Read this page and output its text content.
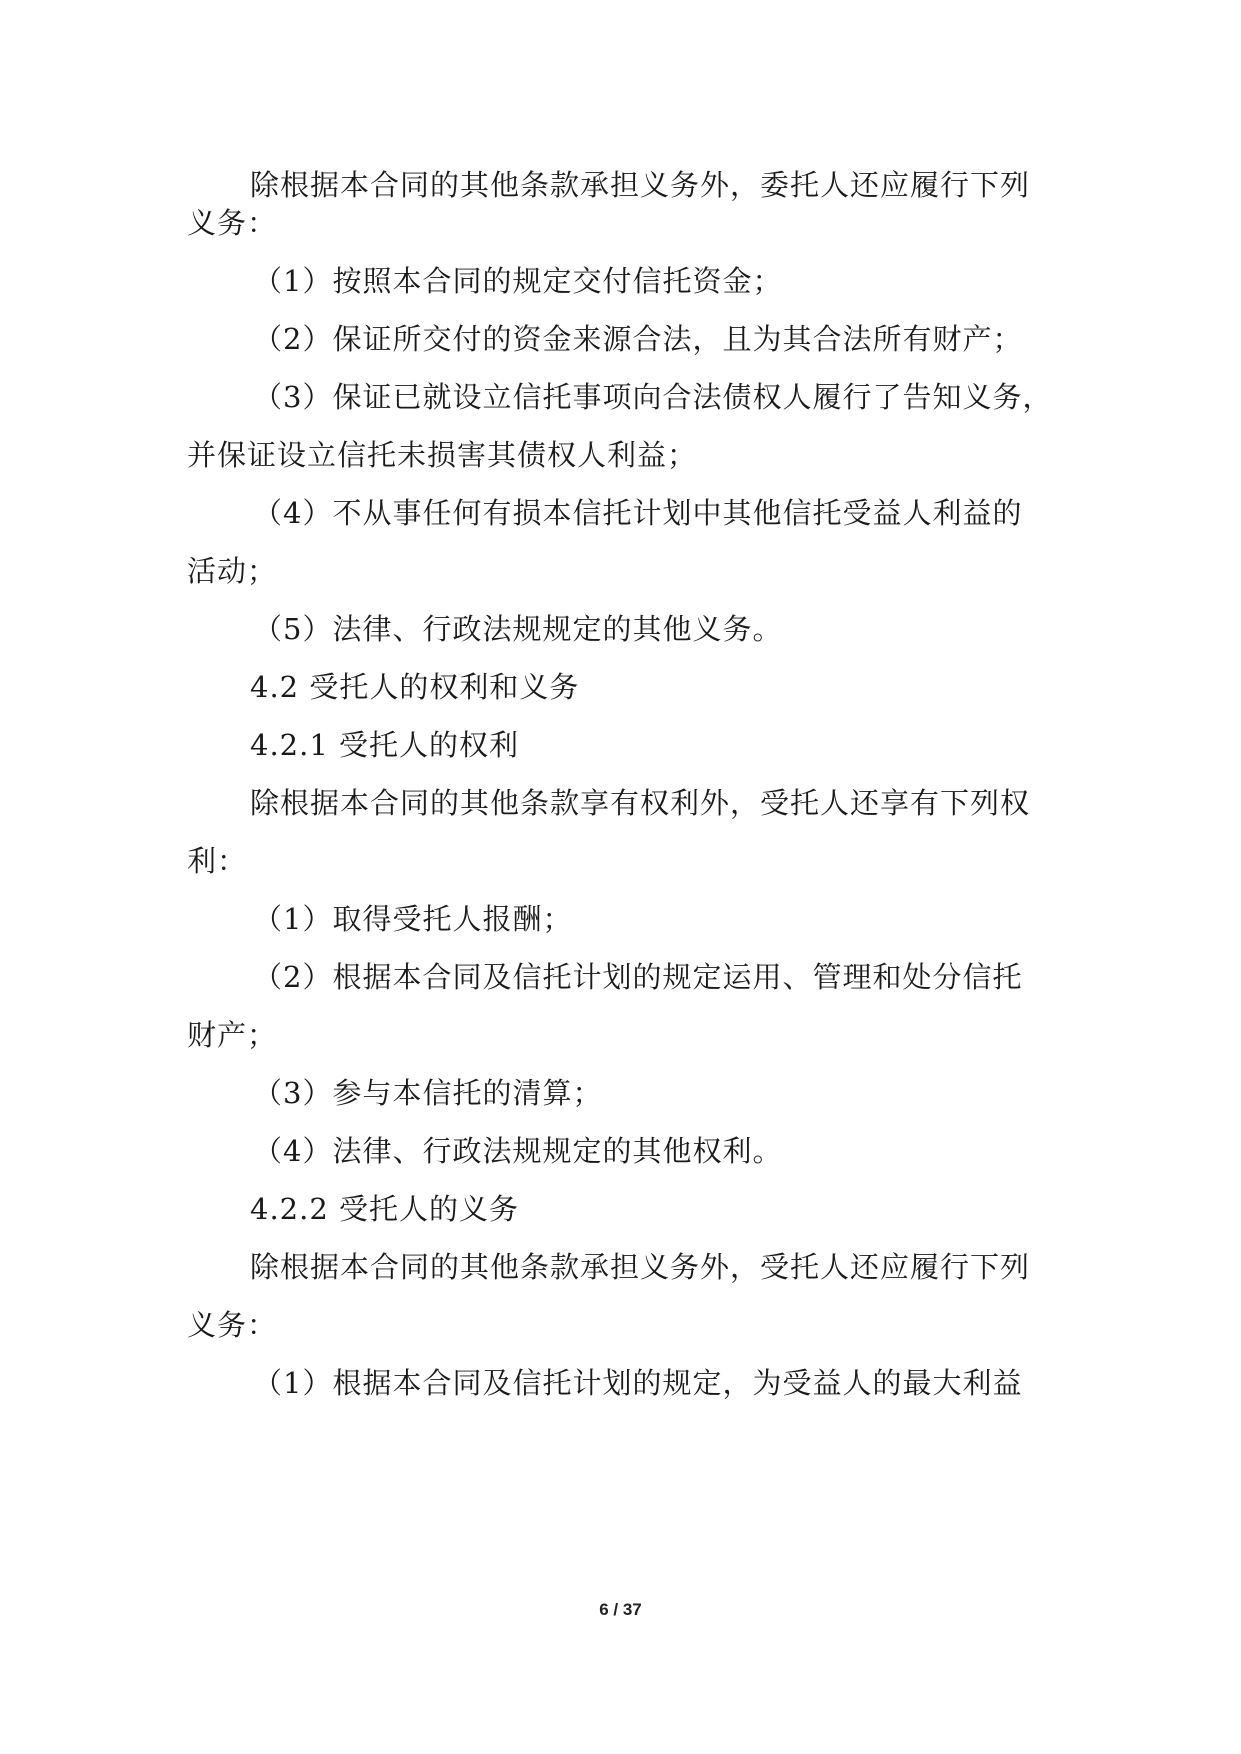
除根据本合同的其他条款承担义务外，委托人还应履行下列
义务：
（1）按照本合同的规定交付信托资金；
（2）保证所交付的资金来源合法，且为其合法所有财产；
（3）保证已就设立信托事项向合法债权人履行了告知义务，
并保证设立信托未损害其债权人利益；
（4）不从事任何有损本信托计划中其他信托受益人利益的
活动；
（5）法律、行政法规规定的其他义务。
4.2 受托人的权利和义务
4.2.1 受托人的权利
除根据本合同的其他条款享有权利外，受托人还享有下列权
利：
（1）取得受托人报酬；
（2）根据本合同及信托计划的规定运用、管理和处分信托
财产；
（3）参与本信托的清算；
（4）法律、行政法规规定的其他权利。
4.2.2 受托人的义务
除根据本合同的其他条款承担义务外，受托人还应履行下列
义务：
（1）根据本合同及信托计划的规定，为受益人的最大利益
6 / 37
